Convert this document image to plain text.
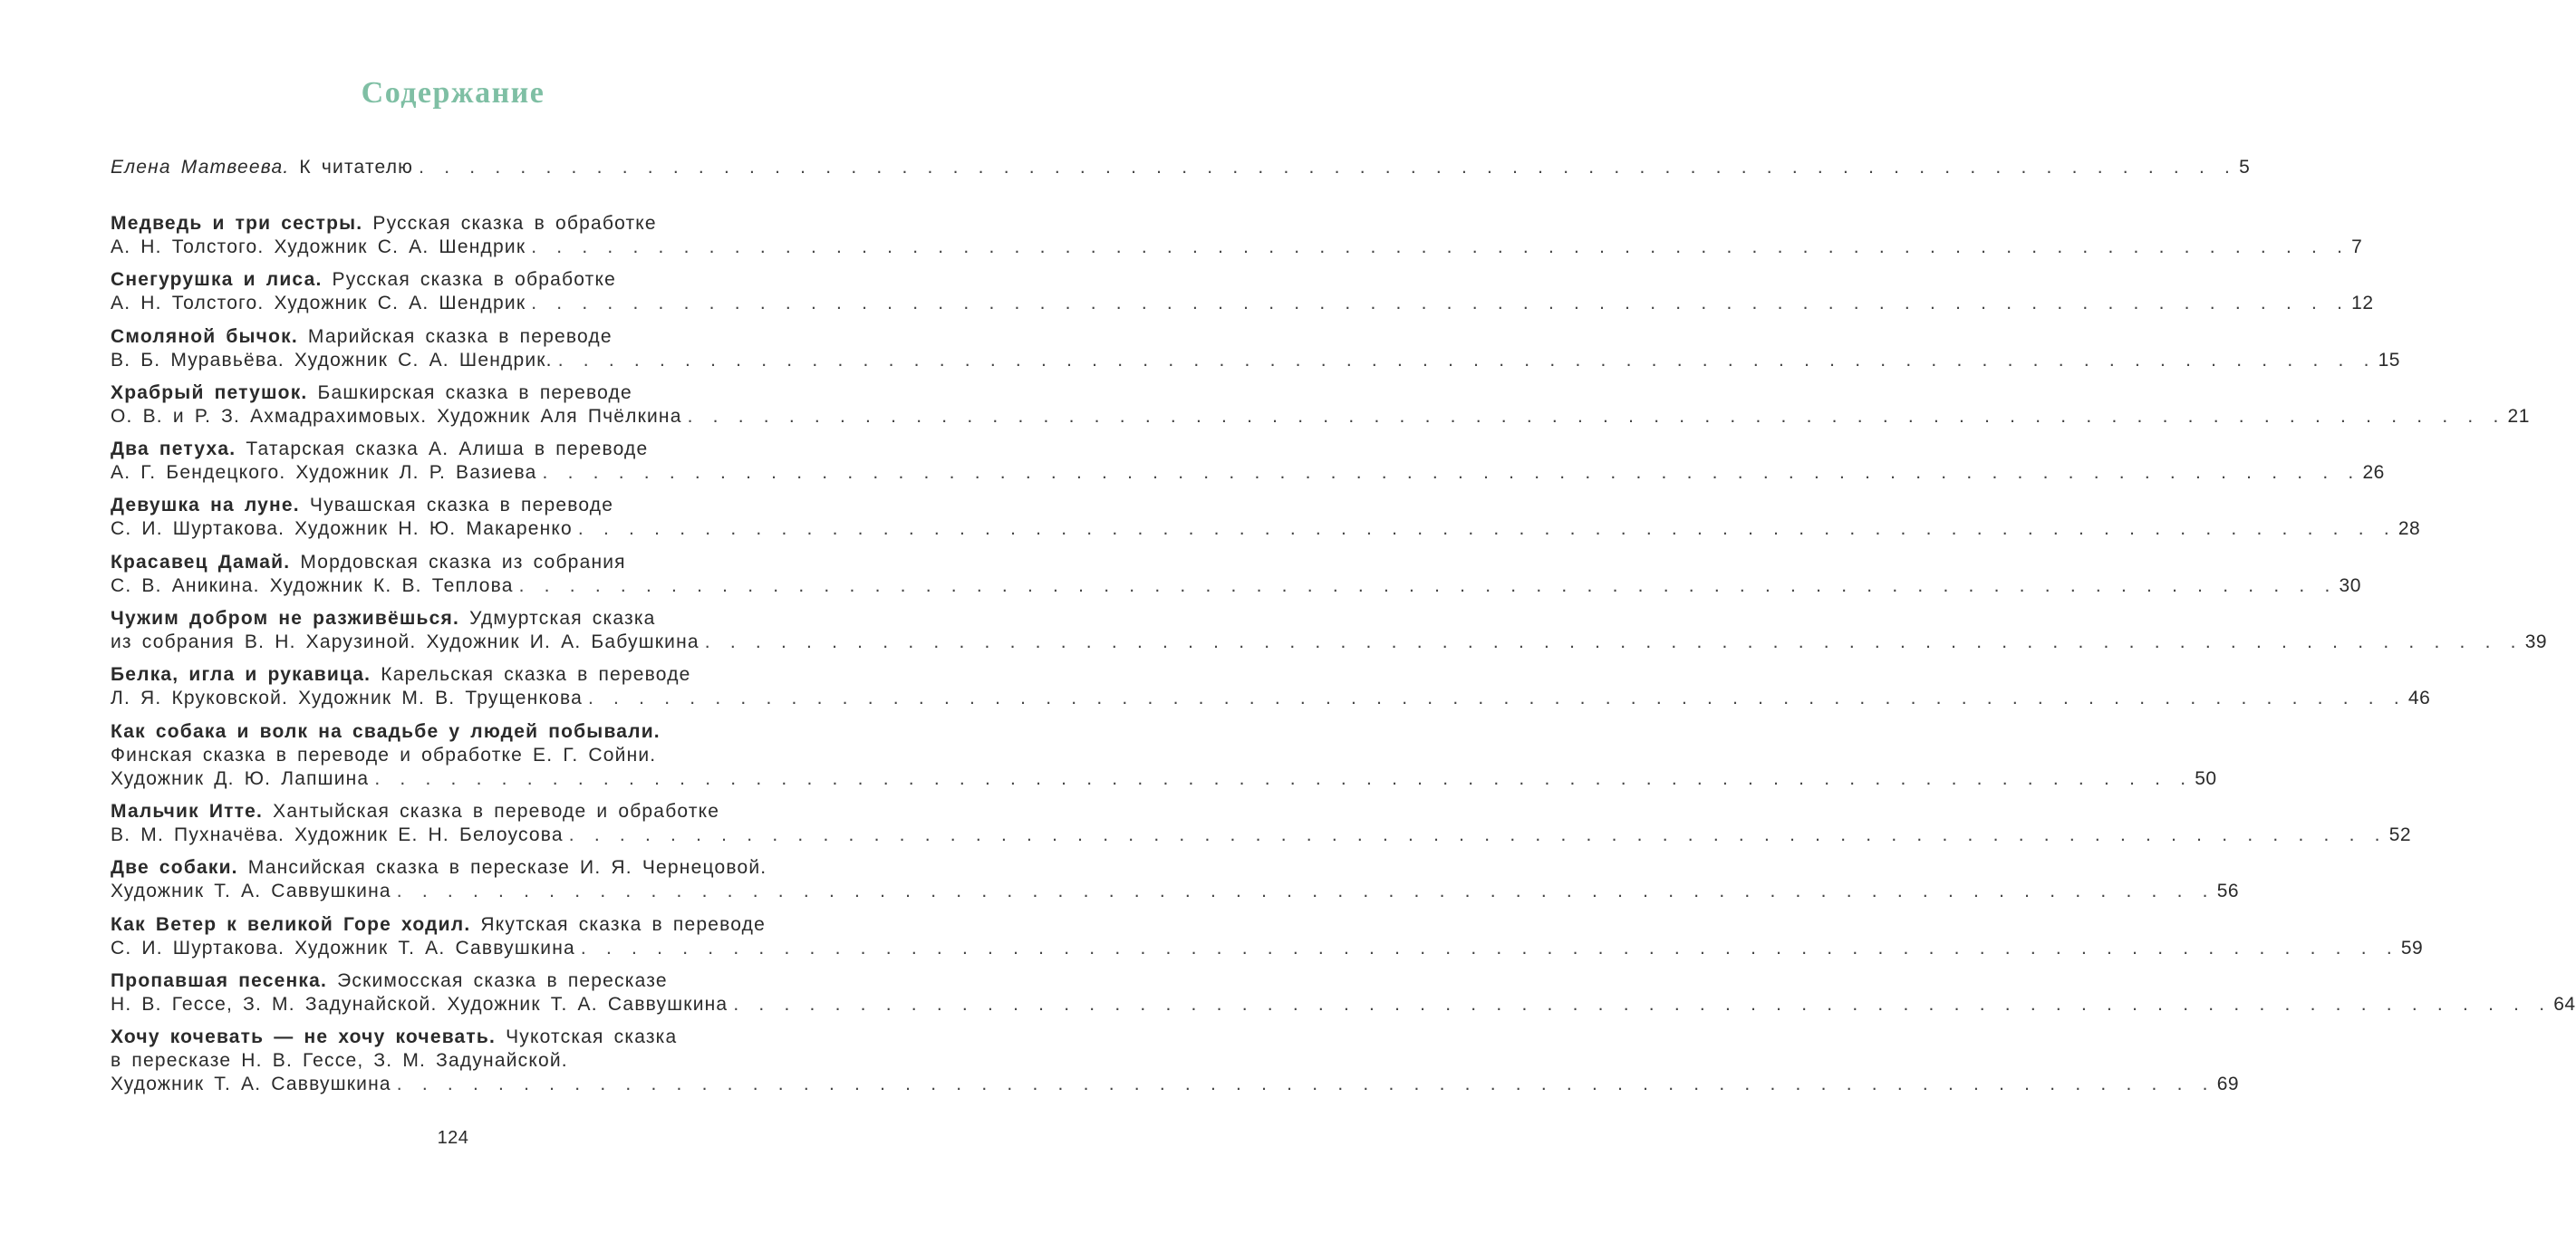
Содержание
Елена Матвеева.
К читателю . . . . . . . . . . . . . . . . . . . . . . . . . . . . . . . . . . . . . . . . . . . . . . . . . . . . . . . . . . . . . . . . . . . . . . . . 5
Медведь и три сестры.
Русская сказка в обработке
А. Н. Толстого. Художник С. А. Шендрик . . . . . . . . . . . . . . . . . . . . . . . . . . . . . . . . . . . . . . . . . . . . . . . . . . . . . . . . . . . . . . . . . . . . . . . . 7
Снегурушка и лиса.
Русская сказка в обработке
А. Н. Толстого. Художник С. А. Шендрик . . . . . . . . . . . . . . . . . . . . . . . . . . . . . . . . . . . . . . . . . . . . . . . . . . . . . . . . . . . . . . . . . . . . . . . . 12
Смоляной бычок.
Марийская сказка в переводе
В. Б. Муравьёва. Художник С. А. Шендрик. . . . . . . . . . . . . . . . . . . . . . . . . . . . . . . . . . . . . . . . . . . . . . . . . . . . . . . . . . . . . . . . . . . . . . . . . 15
Храбрый петушок.
Башкирская сказка в переводе
О. В. и Р. З. Ахмадрахимовых. Художник Аля Пчёлкина . . . . . . . . . . . . . . . . . . . . . . . . . . . . . . . . . . . . . . . . . . . . . . . . . . . . . . . . . . . . . . . . . . . . . . . . 21
Два петуха.
Татарская сказка А. Алиша в переводе
А. Г. Бендецкого. Художник Л. Р. Вазиева . . . . . . . . . . . . . . . . . . . . . . . . . . . . . . . . . . . . . . . . . . . . . . . . . . . . . . . . . . . . . . . . . . . . . . . . 26
Девушка на луне.
Чувашская сказка в переводе
С. И. Шуртакова. Художник Н. Ю. Макаренко . . . . . . . . . . . . . . . . . . . . . . . . . . . . . . . . . . . . . . . . . . . . . . . . . . . . . . . . . . . . . . . . . . . . . . . . 28
Красавец Дамай.
Мордовская сказка из собрания
С. В. Аникина. Художник К. В. Теплова . . . . . . . . . . . . . . . . . . . . . . . . . . . . . . . . . . . . . . . . . . . . . . . . . . . . . . . . . . . . . . . . . . . . . . . . 30
Чужим добром не разживёшься.
Удмуртская сказка
из собрания В. Н. Харузиной. Художник И. А. Бабушкина . . . . . . . . . . . . . . . . . . . . . . . . . . . . . . . . . . . . . . . . . . . . . . . . . . . . . . . . . . . . . . . . . . . . . . . . 39
Белка, игла и рукавица.
Карельская сказка в переводе
Л. Я. Круковской. Художник М. В. Трущенкова . . . . . . . . . . . . . . . . . . . . . . . . . . . . . . . . . . . . . . . . . . . . . . . . . . . . . . . . . . . . . . . . . . . . . . . . 46
Как собака и волк на свадьбе у людей побывали.
Финская сказка в переводе и обработке Е. Г. Сойни.
Художник Д. Ю. Лапшина . . . . . . . . . . . . . . . . . . . . . . . . . . . . . . . . . . . . . . . . . . . . . . . . . . . . . . . . . . . . . . . . . . . . . . . . 50
Мальчик Итте.
Хантыйская сказка в переводе и обработке
В. М. Пухначёва. Художник Е. Н. Белоусова . . . . . . . . . . . . . . . . . . . . . . . . . . . . . . . . . . . . . . . . . . . . . . . . . . . . . . . . . . . . . . . . . . . . . . . . 52
Две собаки.
Мансийская сказка в пересказе И. Я. Чернецовой.
Художник Т. А. Саввушкина . . . . . . . . . . . . . . . . . . . . . . . . . . . . . . . . . . . . . . . . . . . . . . . . . . . . . . . . . . . . . . . . . . . . . . . . 56
Как Ветер к великой Горе ходил.
Якутская сказка в переводе
С. И. Шуртакова. Художник Т. А. Саввушкина . . . . . . . . . . . . . . . . . . . . . . . . . . . . . . . . . . . . . . . . . . . . . . . . . . . . . . . . . . . . . . . . . . . . . . . . 59
Пропавшая песенка.
Эскимосская сказка в пересказе
Н. В. Гессе, З. М. Задунайской. Художник Т. А. Саввушкина . . . . . . . . . . . . . . . . . . . . . . . . . . . . . . . . . . . . . . . . . . . . . . . . . . . . . . . . . . . . . . . . . . . . . . . . 64
Хочу кочевать — не хочу кочевать.
Чукотская сказка
в пересказе Н. В. Гессе, З. М. Задунайской.
Художник Т. А. Саввушкина . . . . . . . . . . . . . . . . . . . . . . . . . . . . . . . . . . . . . . . . . . . . . . . . . . . . . . . . . . . . . . . . . . . . . . . . 69
124
